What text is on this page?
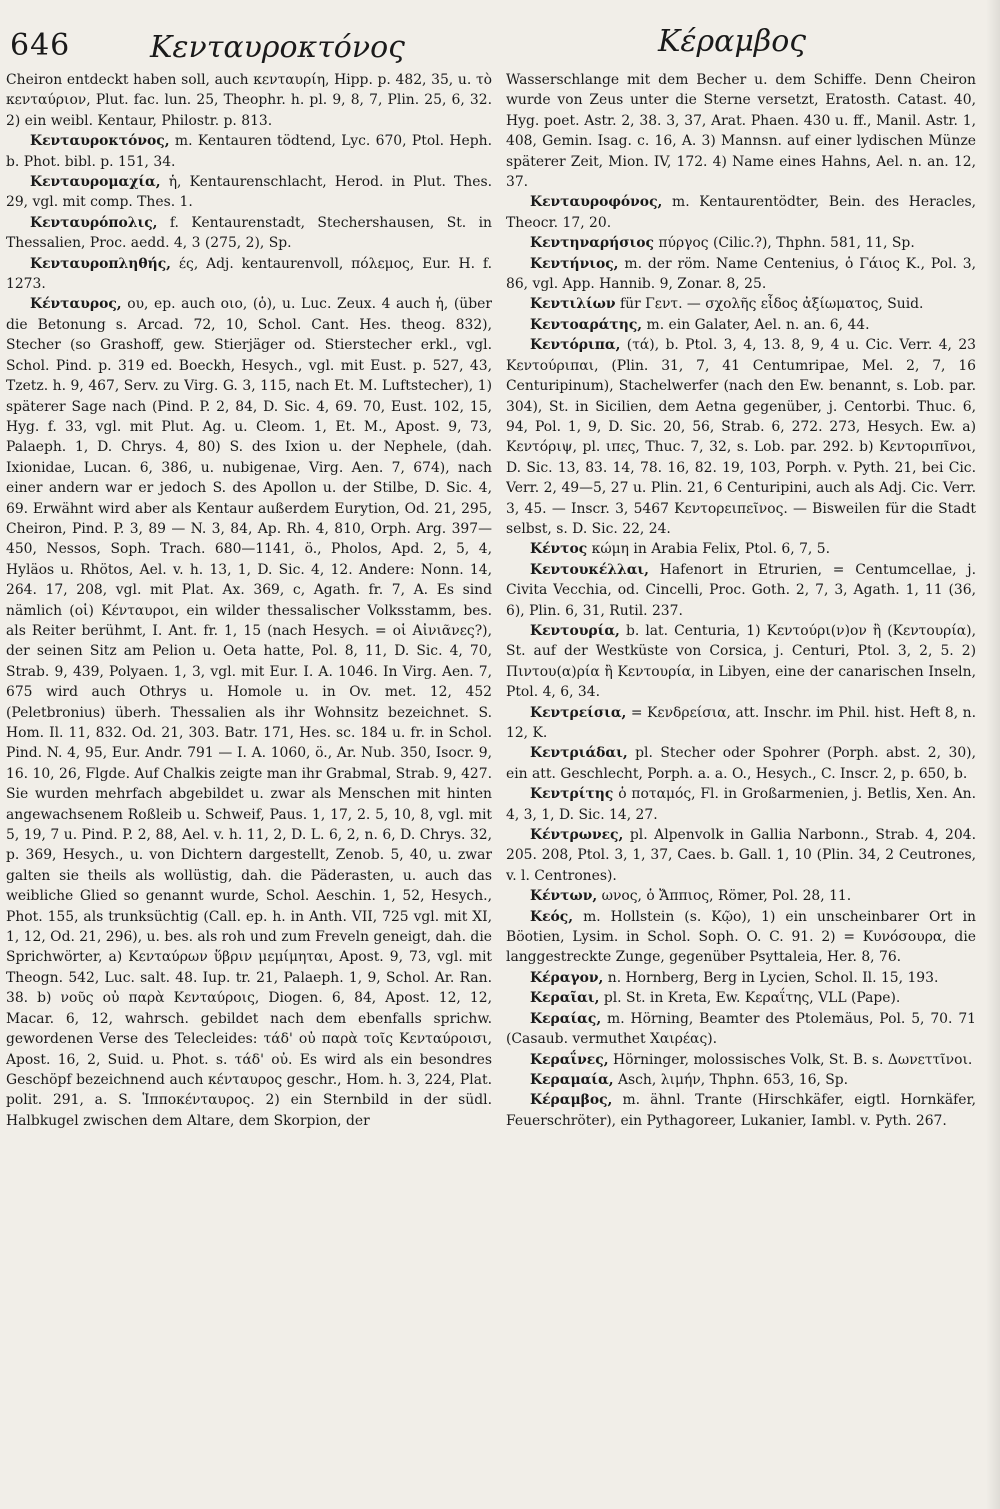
646	Κενταυροκτόνος	Κέραμβος

Cheiron entdeckt haben soll, auch κενταυρίη, Hipp. p. 482, 35, u. τὸ κενταύριον, Plut. fac. lun. 25, Theophr. h. pl. 9, 8, 7, Plin. 25, 6, 32. 2) ein weibl. Kentaur, Philostr. p. 813.

Κενταυροκτόνος, m. Kentauren tödtend, Lyc. 670, Ptol. Heph. b. Phot. bibl. p. 151, 34.

Κενταυρομαχία, ἡ, Kentaurenschlacht, Herod. in Plut. Thes. 29, vgl. mit comp. Thes. 1.

Κενταυρόπολις, f. Kentaurenstadt, Stechershausen, St. in Thessalien, Proc. aedd. 4, 3 (275, 2), Sp.

Κενταυροπληθής, ές, Adj. kentaurenvoll, πόλεμος, Eur. H. f. 1273.

Κένταυρος, ου, ep. auch οιο, (ὁ), u. Luc. Zeux. 4 auch ἡ, (über die Betonung s. Arcad. 72, 10, Schol. Cant. Hes. theog. 832), Stecher (so Grashoff, gew. Stierjäger od. Stierstecher erkl., vgl. Schol. Pind. p. 319 ed. Boeckh, Hesych., vgl. mit Eust. p. 527, 43, Tzetz. h. 9, 467, Serv. zu Virg. G. 3, 115, nach Et. M. Luftstecher), 1) späterer Sage nach (Pind. P. 2, 84, D. Sic. 4, 69. 70, Eust. 102, 15, Hyg. f. 33, vgl. mit Plut. Ag. u. Cleom. 1, Et. M., Apost. 9, 73, Palaeph. 1, D. Chrys. 4, 80) S. des Ixion u. der Nephele, (dah. Ixionidae, Lucan. 6, 386, u. nubigenae, Virg. Aen. 7, 674), nach einer andern war er jedoch S. des Apollon u. der Stilbe, D. Sic. 4, 69. Erwähnt wird aber als Kentaur außerdem Eurytion, Od. 21, 295, Cheiron, Pind. P. 3, 89 — N. 3, 84, Ap. Rh. 4, 810, Orph. Arg. 397—450, Nessos, Soph. Trach. 680—1141, ö., Pholos, Apd. 2, 5, 4, Hyläos u. Rhötos, Ael. v. h. 13, 1, D. Sic. 4, 12. Andere: Nonn. 14, 264. 17, 208, vgl. mit Plat. Ax. 369, c, Agath. fr. 7, A. Es sind nämlich (οἱ) Κένταυροι, ein wilder thessalischer Volksstamm, bes. als Reiter berühmt, I. Ant. fr. 1, 15 (nach Hesych. = οἱ Αἰνιᾶνες?), der seinen Sitz am Pelion u. Oeta hatte, Pol. 8, 11, D. Sic. 4, 70, Strab. 9, 439, Polyaen. 1, 3, vgl. mit Eur. I. A. 1046. In Virg. Aen. 7, 675 wird auch Othrys u. Homole u. in Ov. met. 12, 452 (Peletbronius) überh. Thessalien als ihr Wohnsitz bezeichnet. S. Hom. Il. 11, 832. Od. 21, 303. Batr. 171, Hes. sc. 184 u. fr. in Schol. Pind. N. 4, 95, Eur. Andr. 791 — I. A. 1060, ö., Ar. Nub. 350, Isocr. 9, 16. 10, 26, Flgde. Auf Chalkis zeigte man ihr Grabmal, Strab. 9, 427. Sie wurden mehrfach abgebildet u. zwar als Menschen mit hinten angewachsenem Roßleib u. Schweif, Paus. 1, 17, 2. 5, 10, 8, vgl. mit 5, 19, 7 u. Pind. P. 2, 88, Ael. v. h. 11, 2, D. L. 6, 2, n. 6, D. Chrys. 32, p. 369, Hesych., u. von Dichtern dargestellt, Zenob. 5, 40, u. zwar galten sie theils als wollüstig, dah. die Päderasten, u. auch das weibliche Glied so genannt wurde, Schol. Aeschin. 1, 52, Hesych., Phot. 155, als trunksüchtig (Call. ep. h. in Anth. VII, 725 vgl. mit XI, 1, 12, Od. 21, 296), u. bes. als roh und zum Freveln geneigt, dah. die Sprichwörter, a) Κενταύρων ὕβριν μεμίμηται, Apost. 9, 73, vgl. mit Theogn. 542, Luc. salt. 48. Iup. tr. 21, Palaeph. 1, 9, Schol. Ar. Ran. 38. b) νοῦς οὐ παρὰ Κενταύροις, Diogen. 6, 84, Apost. 12, 12, Macar. 6, 12, wahrsch. gebildet nach dem ebenfalls sprichw. gewordenen Verse des Telecleides: τάδ' οὐ παρὰ τοῖς Κενταύροισι, Apost. 16, 2, Suid. u. Phot. s. τάδ' οὐ. Es wird als ein besondres Geschöpf bezeichnend auch κένταυρος geschr., Hom. h. 3, 224, Plat. polit. 291, a. S. Ἱπποκένταυρος. 2) ein Sternbild in der südl. Halbkugel zwischen dem Altare, dem Skorpion, der

Wasserschlange mit dem Becher u. dem Schiffe. Denn Cheiron wurde von Zeus unter die Sterne versetzt, Eratosth. Catast. 40, Hyg. poet. Astr. 2, 38. 3, 37, Arat. Phaen. 430 u. ff., Manil. Astr. 1, 408, Gemin. Isag. c. 16, A. 3) Mannsn. auf einer lydischen Münze späterer Zeit, Mion. IV, 172. 4) Name eines Hahns, Ael. n. an. 12, 37.

Κενταυροφόνος, m. Kentaurentödter, Bein. des Heracles, Theocr. 17, 20.

Κεντηναρήσιος πύργος (Cilic.?), Thphn. 581, 11, Sp.

Κεντήνιος, m. der röm. Name Centenius, ὁ Γάιος Κ., Pol. 3, 86, vgl. App. Hannib. 9, Zonar. 8, 25.

Κεντιλίων für Γεντ. — σχολῆς εἶδος ἀξίωματος, Suid.

Κεντοαράτης, m. ein Galater, Ael. n. an. 6, 44.

Κεντόριπα, (τά), b. Ptol. 3, 4, 13. 8, 9, 4 u. Cic. Verr. 4, 23 Κεντούριπαι, (Plin. 31, 7, 41 Centumripae, Mel. 2, 7, 16 Centuripinum), Stachelwerfer (nach den Ew. benannt, s. Lob. par. 304), St. in Sicilien, dem Aetna gegenüber, j. Centorbi. Thuc. 6, 94, Pol. 1, 9, D. Sic. 20, 56, Strab. 6, 272. 273, Hesych. Ew. a) Κεντόριψ, pl. ιπες, Thuc. 7, 32, s. Lob. par. 292. b) Κεντοριπῖνοι, D. Sic. 13, 83. 14, 78. 16, 82. 19, 103, Porph. v. Pyth. 21, bei Cic. Verr. 2, 49—5, 27 u. Plin. 21, 6 Centuripini, auch als Adj. Cic. Verr. 3, 45. — Inscr. 3, 5467 Κεντορειπεῖνος. — Bisweilen für die Stadt selbst, s. D. Sic. 22, 24.

Κέντος κώμη in Arabia Felix, Ptol. 6, 7, 5.

Κεντουκέλλαι, Hafenort in Etrurien, = Centumcellae, j. Civita Vecchia, od. Cincelli, Proc. Goth. 2, 7, 3, Agath. 1, 11 (36, 6), Plin. 6, 31, Rutil. 237.

Κεντουρία, b. lat. Centuria, 1) Κεντούρι(ν)ον ἢ (Κεντουρία), St. auf der Westküste von Corsica, j. Centuri, Ptol. 3, 2, 5. 2) Πιντου(α)ρία ἢ Κεντουρία, in Libyen, eine der canarischen Inseln, Ptol. 4, 6, 34.

Κεντρείσια, = Κενδρείσια, att. Inschr. im Phil. hist. Heft 8, n. 12, K.

Κεντριάδαι, pl. Stecher oder Spohrer (Porph. abst. 2, 30), ein att. Geschlecht, Porph. a. a. O., Hesych., C. Inscr. 2, p. 650, b.

Κεντρίτης ὁ ποταμός, Fl. in Großarmenien, j. Betlis, Xen. An. 4, 3, 1, D. Sic. 14, 27.

Κέντρωνες, pl. Alpenvolk in Gallia Narbonn., Strab. 4, 204. 205. 208, Ptol. 3, 1, 37, Caes. b. Gall. 1, 10 (Plin. 34, 2 Ceutrones, v. l. Centrones).

Κέντων, ωνος, ὁ Ἄππιος, Römer, Pol. 28, 11.

Κεός, m. Hollstein (s. Κῷο), 1) ein unscheinbarer Ort in Böotien, Lysim. in Schol. Soph. O. C. 91. 2) = Κυνόσουρα, die langgestreckte Zunge, gegenüber Psyttaleia, Her. 8, 76.

Κέραγον, n. Hornberg, Berg in Lycien, Schol. Il. 15, 193.

Κεραῖαι, pl. St. in Kreta, Ew. Κεραΐτης, VLL (Pape).

Κεραίας, m. Hörning, Beamter des Ptolemäus, Pol. 5, 70. 71 (Casaub. vermuthet Χαιρέας).

Κεραΐνες, Hörninger, molossisches Volk, St. B. s. Δωνεττῖνοι.

Κεραμαία, Asch, λιμήν, Thphn. 653, 16, Sp.

Κέραμβος, m. ähnl. Trante (Hirschkäfer, eigtl. Hornkäfer, Feuerschröter), ein Pythagoreer, Lukanier, Iambl. v. Pyth. 267.
